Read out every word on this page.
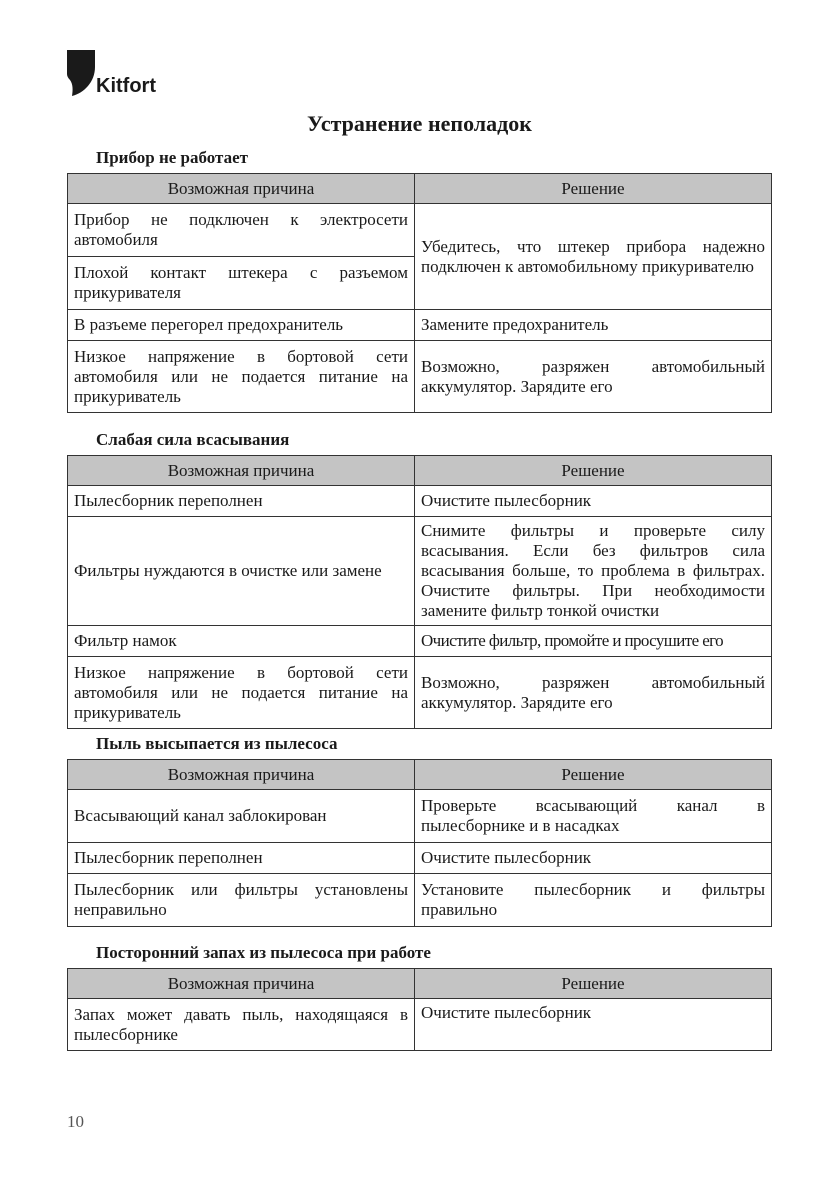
Kitfort
Устранение неполадок
Прибор не работает
Возможная причина	Решение
Прибор не подключен к электросети автомобиля	Убедитесь, что штекер прибора надежно подключен к автомобильному прикуривателю
Плохой контакт штекера с разъемом прикуривателя	
В разъеме перегорел предохранитель	Замените предохранитель
Низкое напряжение в бортовой сети автомобиля или не подается питание на прикуриватель	Возможно, разряжен автомобильный аккумулятор. Зарядите его
Слабая сила всасывания
Возможная причина	Решение
Пылесборник переполнен	Очистите пылесборник
Фильтры нуждаются в очистке или замене	Снимите фильтры и проверьте силу всасывания. Если без фильтров сила всасывания больше, то проблема в фильтрах. Очистите фильтры. При необходимости замените фильтр тонкой очистки
Фильтр намок	Очистите фильтр, промойте и просушите его
Низкое напряжение в бортовой сети автомобиля или не подается питание на прикуриватель	Возможно, разряжен автомобильный аккумулятор. Зарядите его
Пыль высыпается из пылесоса
Возможная причина	Решение
Всасывающий канал заблокирован	Проверьте всасывающий канал в пылесборнике и в насадках
Пылесборник переполнен	Очистите пылесборник
Пылесборник или фильтры установлены неправильно	Установите пылесборник и фильтры правильно
Посторонний запах из пылесоса при работе
Возможная причина	Решение
Запах может давать пыль, находящаяся в пылесборнике	Очистите пылесборник
10
